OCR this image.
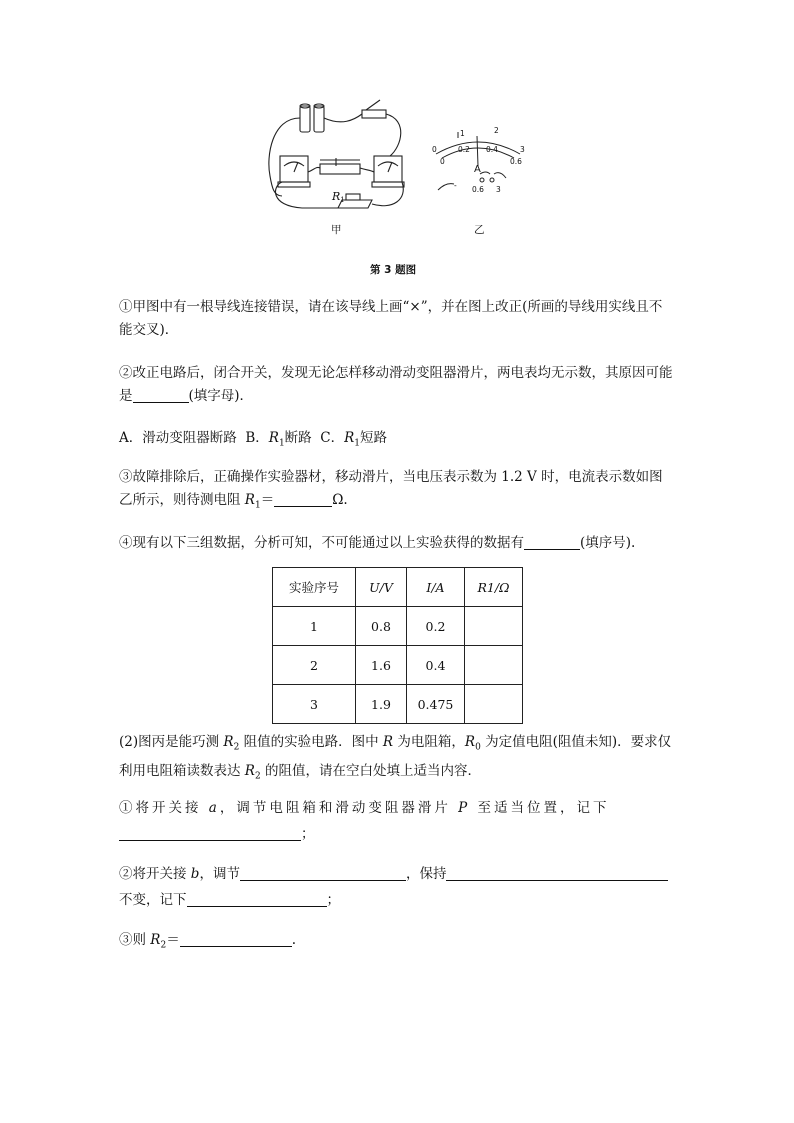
R1
0
1	2
3
0
0.2 0.4
0.6
A
- 0.6 3
甲	乙
第 3 题图

①甲图中有一根导线连接错误，请在该导线上画“×”，并在图上改正(所画的导线用实线且不能交叉)．

②改正电路后，闭合开关，发现无论怎样移动滑动变阻器滑片，两电表均无示数，其原因可能是	(填字母)．

A．滑动变阻器断路 B．$R_1$断路 C．$R_1$短路

③故障排除后，正确操作实验器材，移动滑片，当电压表示数为 1.2 V 时，电流表示数如图乙所示，则待测电阻 $R_1=$	Ω.

④现有以下三组数据，分析可知，不可能通过以上实验获得的数据有	(填序号).

实验序号	U/V	I/A	R1/Ω
1	0.8	0.2	
2	1.6	0.4	
3	1.9	0.475	

(2)图丙是能巧测 $R_2$ 阻值的实验电路．图中 R 为电阻箱，$R_0$ 为定值电阻(阻值未知)．要求仅利用电阻箱读数表达 $R_2$ 的阻值，请在空白处填上适当内容．

①将开关接 a，调节电阻箱和滑动变阻器滑片 P 至适当位置，记下

；

②将开关接 b，调节	，保持

不变，记下	；

③则 $R_2=$	.
